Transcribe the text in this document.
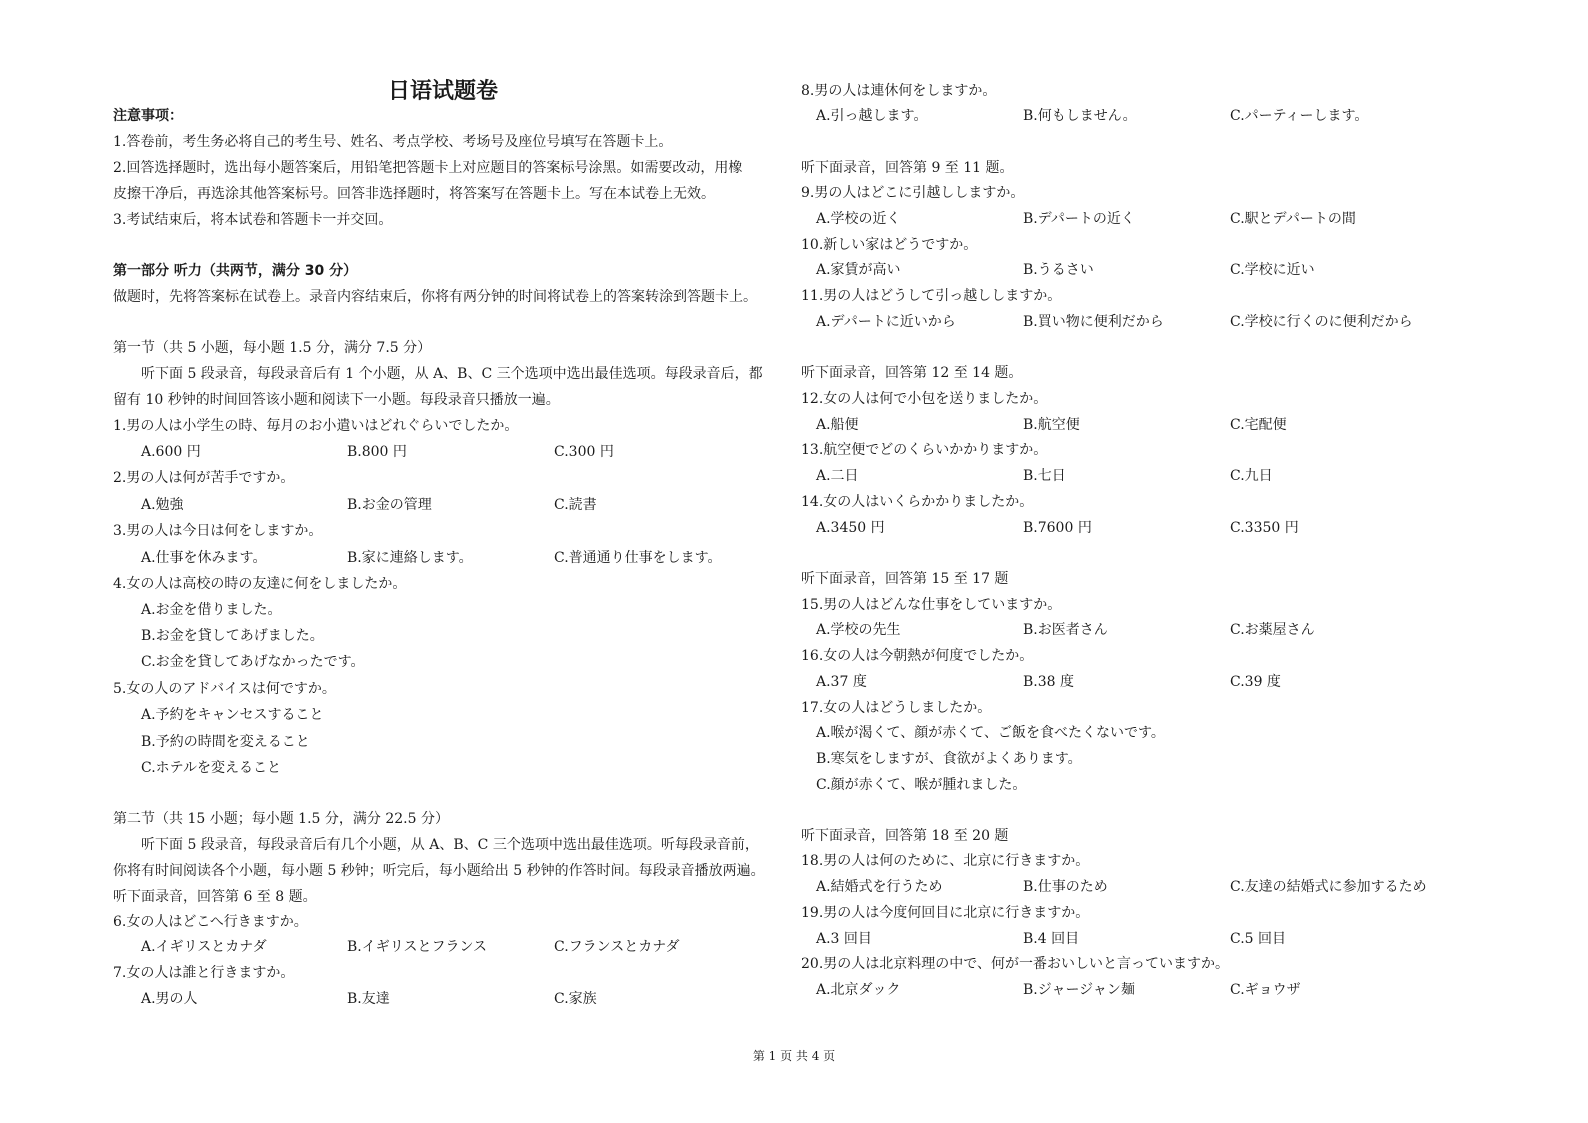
日语试题卷
注意事项：
1.答卷前，考生务必将自己的考生号、姓名、考点学校、考场号及座位号填写在答题卡上。
2.回答选择题时，选出每小题答案后，用铅笔把答题卡上对应题目的答案标号涂黑。如需要改动，用橡
皮擦干净后，再选涂其他答案标号。回答非选择题时，将答案写在答题卡上。写在本试卷上无效。
3.考试结束后，将本试卷和答题卡一并交回。
第一部分 听力（共两节，满分 30 分）
做题时，先将答案标在试卷上。录音内容结束后，你将有两分钟的时间将试卷上的答案转涂到答题卡上。
第一节（共 5 小题，每小题 1.5 分，满分 7.5 分）
听下面 5 段录音，每段录音后有 1 个小题，从 A、B、C 三个选项中选出最佳选项。每段录音后，都
留有 10 秒钟的时间回答该小题和阅读下一小题。每段录音只播放一遍。
1.男の人は小学生の時、毎月のお小遣いはどれぐらいでしたか。
A.600 円	B.800 円	C.300 円
2.男の人は何が苦手ですか。
A.勉強	B.お金の管理	C.読書
3.男の人は今日は何をしますか。
A.仕事を休みます。	B.家に連絡します。	C.普通通り仕事をします。
4.女の人は高校の時の友達に何をしましたか。
A.お金を借りました。
B.お金を貸してあげました。
C.お金を貸してあげなかったです。
5.女の人のアドバイスは何ですか。
A.予約をキャンセスすること
B.予約の時間を変えること
C.ホテルを変えること
第二节（共 15 小题；每小题 1.5 分，满分 22.5 分）
听下面 5 段录音，每段录音后有几个小题，从 A、B、C 三个选项中选出最佳选项。听每段录音前，
你将有时间阅读各个小题，每小题 5 秒钟；听完后，每小题给出 5 秒钟的作答时间。每段录音播放两遍。
听下面录音，回答第 6 至 8 题。
6.女の人はどこへ行きますか。
A.イギリスとカナダ	B.イギリスとフランス	C.フランスとカナダ
7.女の人は誰と行きますか。
A.男の人	B.友達	C.家族
8.男の人は連休何をしますか。
A.引っ越します。	B.何もしません。	C.パーティーします。
听下面录音，回答第 9 至 11 题。
9.男の人はどこに引越ししますか。
A.学校の近く	B.デパートの近く	C.駅とデパートの間
10.新しい家はどうですか。
A.家賃が高い	B.うるさい	C.学校に近い
11.男の人はどうして引っ越ししますか。
A.デパートに近いから	B.買い物に便利だから	C.学校に行くのに便利だから
听下面录音，回答第 12 至 14 题。
12.女の人は何で小包を送りましたか。
A.船便	B.航空便	C.宅配便
13.航空便でどのくらいかかりますか。
A.二日	B.七日	C.九日
14.女の人はいくらかかりましたか。
A.3450 円	B.7600 円	C.3350 円
听下面录音，回答第 15 至 17 题
15.男の人はどんな仕事をしていますか。
A.学校の先生	B.お医者さん	C.お薬屋さん
16.女の人は今朝熱が何度でしたか。
A.37 度	B.38 度	C.39 度
17.女の人はどうしましたか。
A.喉が渴くて、顔が赤くて、ご飯を食べたくないです。
B.寒気をしますが、食欲がよくあります。
C.顔が赤くて、喉が腫れました。
听下面录音，回答第 18 至 20 题
18.男の人は何のために、北京に行きますか。
A.結婚式を行うため	B.仕事のため	C.友達の結婚式に参加するため
19.男の人は今度何回目に北京に行きますか。
A.3 回目	B.4 回目	C.5 回目
20.男の人は北京料理の中で、何が一番おいしいと言っていますか。
A.北京ダック	B.ジャージャン麺	C.ギョウザ
第 1 页 共 4 页
